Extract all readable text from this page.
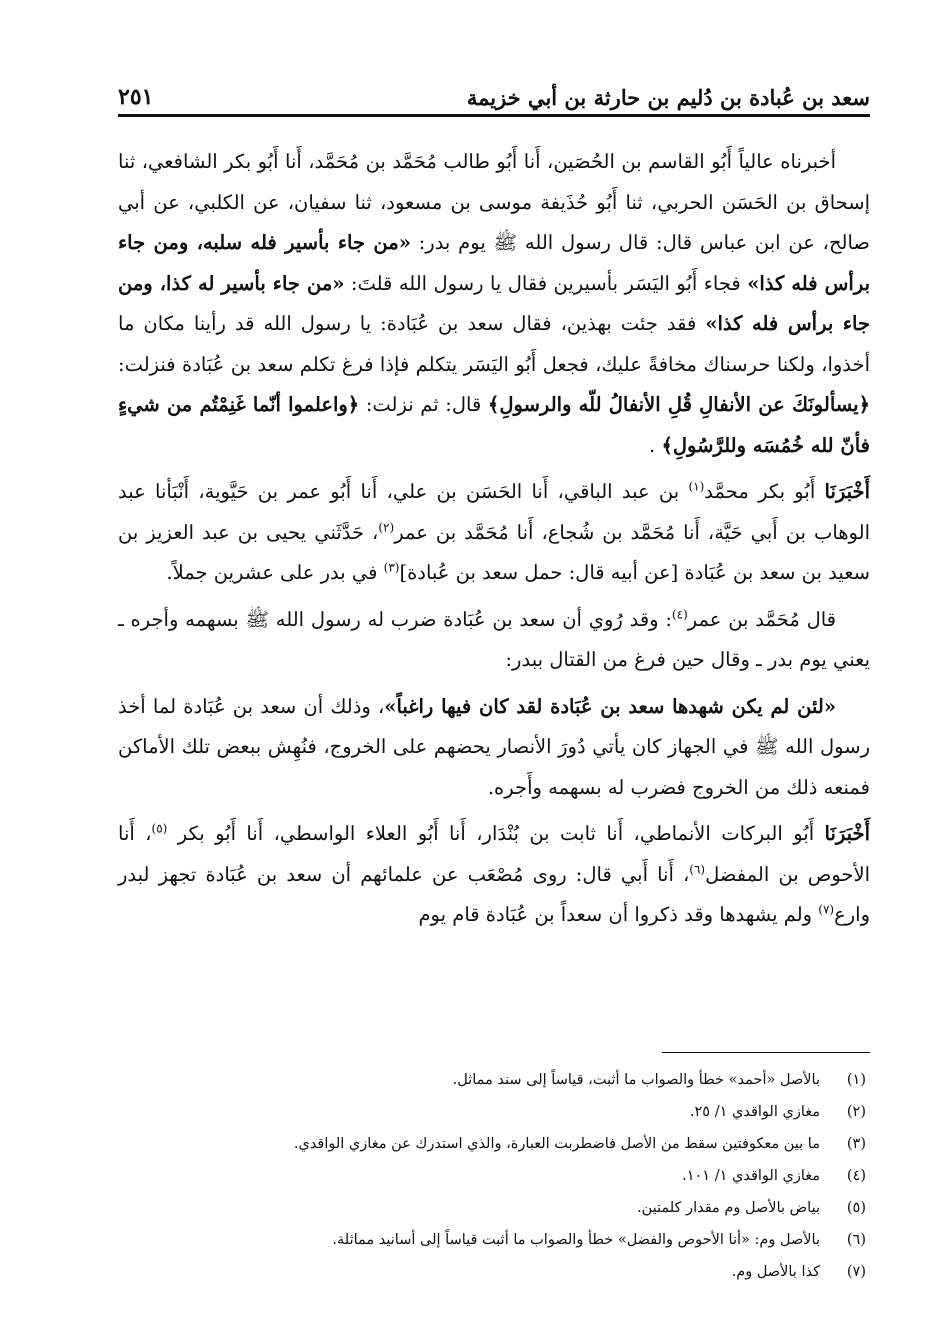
سعد بن عُبادة بن دُليم بن حارثة بن أبي خزيمة
٢٥١

أخبرناه عالياً أَبُو القاسم بن الحُصَين، أَنا أَبُو طالب مُحَمَّد بن مُحَمَّد، أَنا أَبُو بكر الشافعي، ثنا إسحاق بن الحَسَن الحربي، ثنا أَبُو حُذَيفة موسى بن مسعود، ثنا سفيان، عن الكلبي، عن أبي صالح، عن ابن عباس قال: قال رسول الله ﷺ يوم بدر: «من جاء بأسير فله سلبه، ومن جاء برأس فله كذا» فجاء أَبُو اليَسَر بأسيرين فقال يا رسول الله قلتَ: «من جاء بأسير له كذا، ومن جاء برأس فله كذا» فقد جئت بهذين، فقال سعد بن عُبَادة: يا رسول الله قد رأينا مكان ما أخذوا، ولكنا حرسناك مخافةً عليك، فجعل أَبُو اليَسَر يتكلم فإذا فرغ تكلم سعد بن عُبَادة فنزلت: ﴿يسألونَكَ عن الأنفالِ قُلِ الأنفالُ للّه والرسولِ﴾ قال: ثم نزلت: ﴿واعلموا أنّما غَنِمْتُم من شيءٍ فأنّ لله خُمُسَه وللرَّسُولِ﴾ .

أَخْبَرَنَا أَبُو بكر محمَّد$^{(١)}$ بن عبد الباقي، أَنا الحَسَن بن علي، أَنا أَبُو عمر بن حَيَّوية، أَنْبَأنا عبد الوهاب بن أَبي حَيَّة، أَنا مُحَمَّد بن شُجاع، أَنا مُحَمَّد بن عمر$^{(٢)}$، حَدَّثَني يحيى بن عبد العزيز بن سعيد بن سعد بن عُبَادة [عن أبيه قال: حمل سعد بن عُبادة]$^{(٣)}$ في بدر على عشرين جملاً.

قال مُحَمَّد بن عمر$^{(٤)}$: وقد رُوي أن سعد بن عُبَادة ضرب له رسول الله ﷺ بسهمه وأجره ـ يعني يوم بدر ـ وقال حين فرغ من القتال ببدر:

«لئن لم يكن شهدها سعد بن عُبَادة لقد كان فيها راغباً»، وذلك أن سعد بن عُبَادة لما أخذ رسول الله ﷺ في الجهاز كان يأتي دُورَ الأنصار يحضهم على الخروج، فنُهِش ببعض تلك الأماكن فمنعه ذلك من الخروج فضرب له بسهمه وأَجره.

أَخْبَرَنَا أَبُو البركات الأنماطي، أَنا ثابت بن بُنْدَار، أَنا أَبُو العلاء الواسطي، أَنا أَبُو بكر $^{(٥)}$، أَنا الأحوص بن المفضل$^{(٦)}$، أَنا أَبي قال: روى مُصْعَب عن علمائهم أن سعد بن عُبَادة تجهز لبدر وارع$^{(٧)}$ ولم يشهدها وقد ذكروا أن سعداً بن عُبَادة قام يوم

(١)
بالأصل «أحمد» خطأ والصواب ما أثبت، قياساً إلى سند مماثل.
(٢)
مغازي الواقدي ١/ ٢٥.
(٣)
ما بين معكوفتين سقط من الأصل فاضطربت العبارة، والذي استدرك عن مغازي الواقدي.
(٤)
مغازي الواقدي ١/ ١٠١.
(٥)
بياض بالأصل وم مقدار كلمتين.
(٦)
بالأصل وم: «أنا الأحوص والفضل» خطأ والصواب ما أثبت قياساً إلى أسانيد مماثلة.
(٧)
كذا بالأصل وم.
